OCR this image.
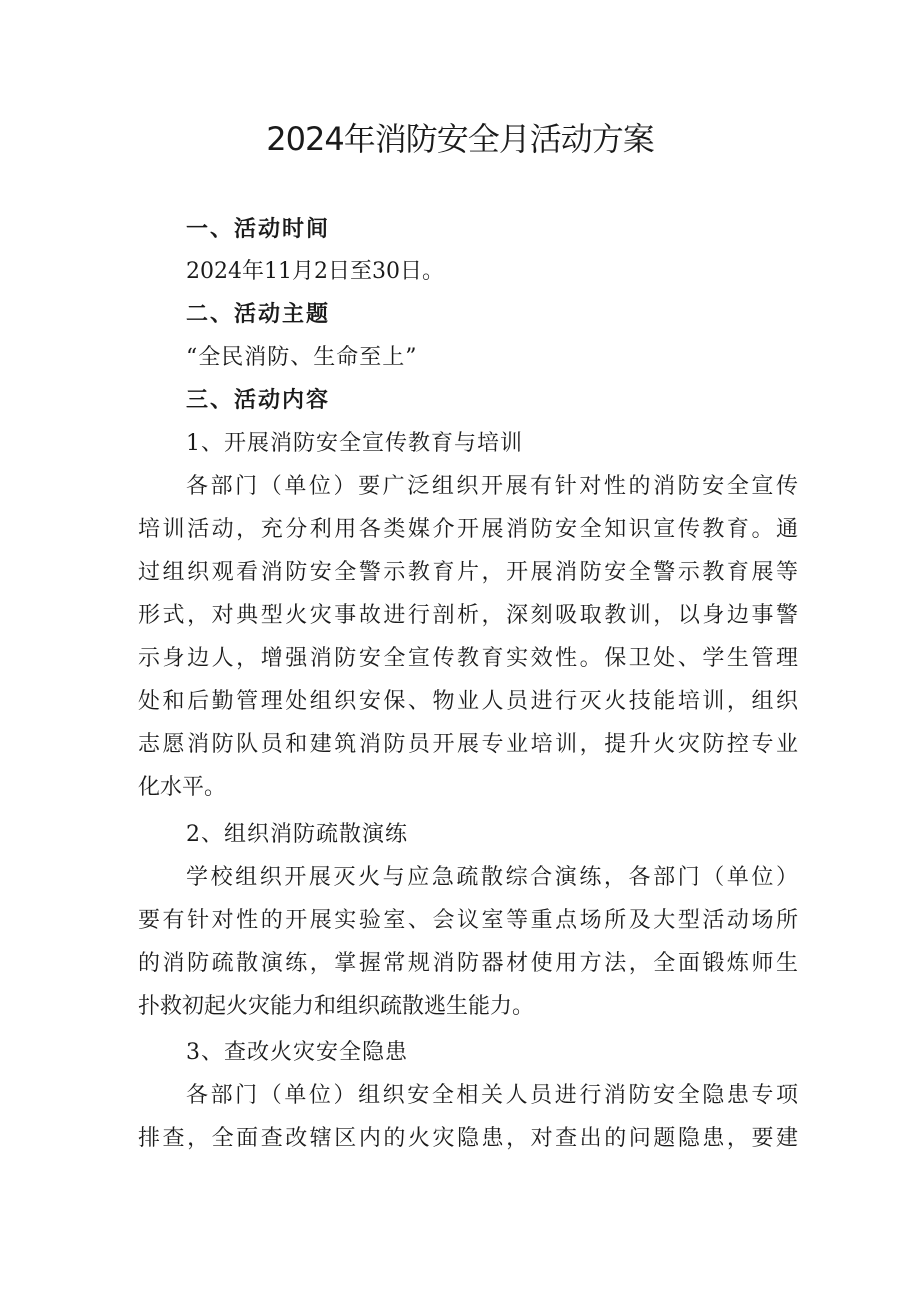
2024年消防安全月活动方案
一、活动时间
2024年11月2日至30日。
二、活动主题
“全民消防、生命至上”
三、活动内容
1、开展消防安全宣传教育与培训
各部门（单位）要广泛组织开展有针对性的消防安全宣传
培训活动，充分利用各类媒介开展消防安全知识宣传教育。通
过组织观看消防安全警示教育片，开展消防安全警示教育展等
形式，对典型火灾事故进行剖析，深刻吸取教训，以身边事警
示身边人，增强消防安全宣传教育实效性。保卫处、学生管理
处和后勤管理处组织安保、物业人员进行灭火技能培训，组织
志愿消防队员和建筑消防员开展专业培训，提升火灾防控专业
化水平。
2、组织消防疏散演练
学校组织开展灭火与应急疏散综合演练，各部门（单位）
要有针对性的开展实验室、会议室等重点场所及大型活动场所
的消防疏散演练，掌握常规消防器材使用方法，全面锻炼师生
扑救初起火灾能力和组织疏散逃生能力。
3、查改火灾安全隐患
各部门（单位）组织安全相关人员进行消防安全隐患专项
排查，全面查改辖区内的火灾隐患，对查出的问题隐患，要建
